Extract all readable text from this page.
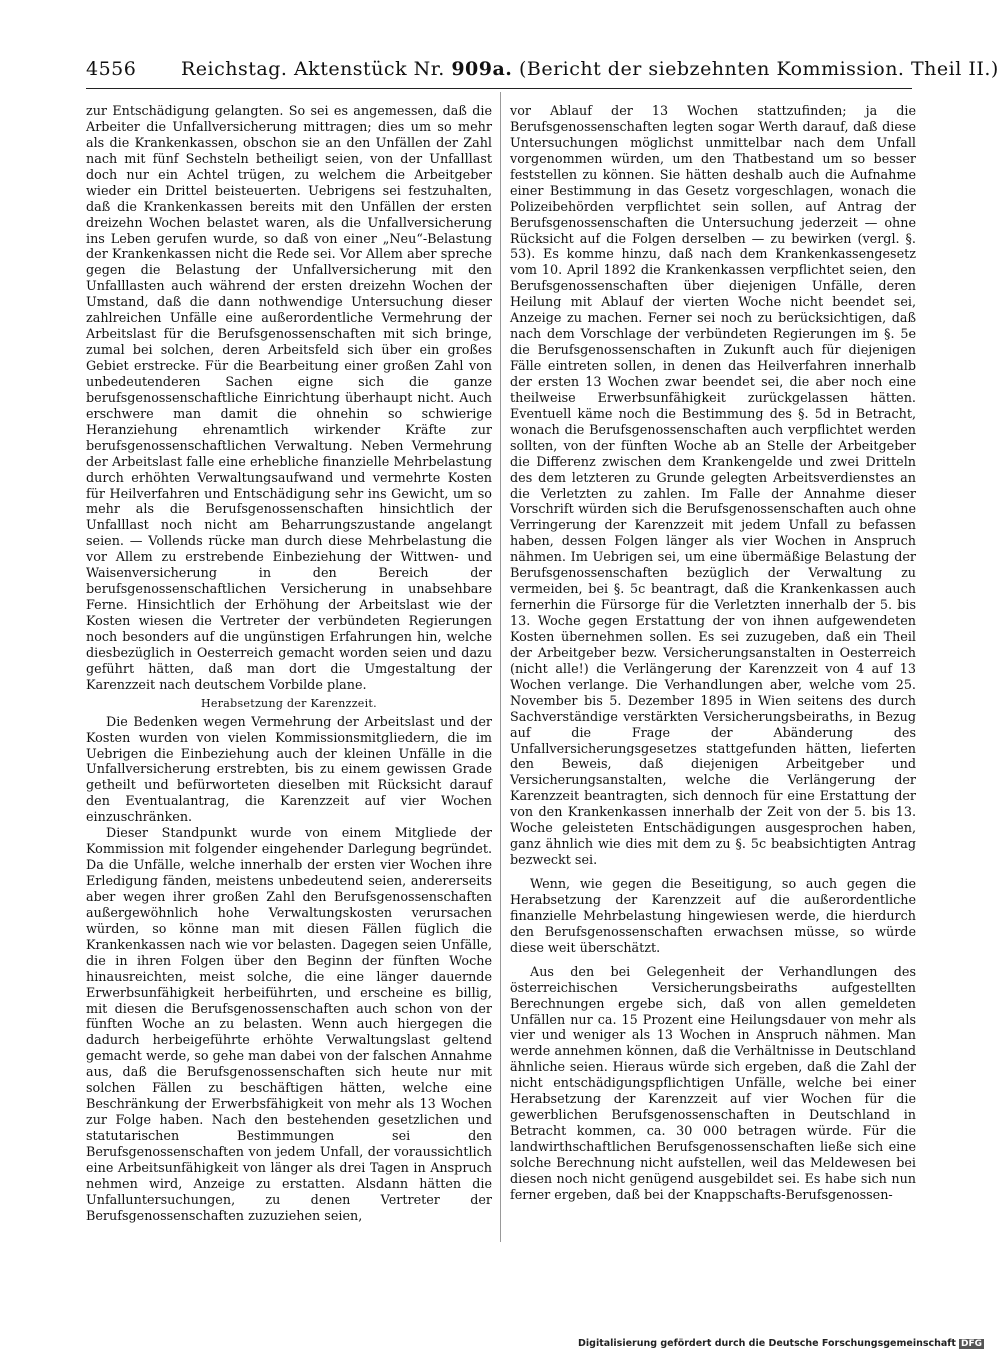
4556 Reichstag. Aktenstück Nr. 909a. (Bericht der siebzehnten Kommission. Theil II.)

zur Entschädigung gelangten. So sei es angemessen, daß die Arbeiter die Unfallversicherung mittragen; dies um so mehr als die Krankenkassen, obschon sie an den Unfällen der Zahl nach mit fünf Sechsteln betheiligt seien, von der Unfalllast doch nur ein Achtel trügen, zu welchem die Arbeitgeber wieder ein Drittel beisteuerten. Uebrigens sei festzuhalten, daß die Krankenkassen bereits mit den Unfällen der ersten dreizehn Wochen belastet waren, als die Unfallversicherung ins Leben gerufen wurde, so daß von einer „Neu“-Belastung der Krankenkassen nicht die Rede sei. Vor Allem aber spreche gegen die Belastung der Unfallversicherung mit den Unfalllasten auch während der ersten dreizehn Wochen der Umstand, daß die dann nothwendige Untersuchung dieser zahlreichen Unfälle eine außerordentliche Vermehrung der Arbeitslast für die Berufsgenossenschaften mit sich bringe, zumal bei solchen, deren Arbeitsfeld sich über ein großes Gebiet erstrecke. Für die Bearbeitung einer großen Zahl von unbedeutenderen Sachen eigne sich die ganze berufsgenossenschaftliche Einrichtung überhaupt nicht. Auch erschwere man damit die ohnehin so schwierige Heranziehung ehrenamtlich wirkender Kräfte zur berufsgenossenschaftlichen Verwaltung. Neben Vermehrung der Arbeitslast falle eine erhebliche finanzielle Mehrbelastung durch erhöhten Verwaltungsaufwand und vermehrte Kosten für Heilverfahren und Entschädigung sehr ins Gewicht, um so mehr als die Berufsgenossenschaften hinsichtlich der Unfalllast noch nicht am Beharrungszustande angelangt seien. — Vollends rücke man durch diese Mehrbelastung die vor Allem zu erstrebende Einbeziehung der Wittwen- und Waisenversicherung in den Bereich der berufsgenossenschaftlichen Versicherung in unabsehbare Ferne. Hinsichtlich der Erhöhung der Arbeitslast wie der Kosten wiesen die Vertreter der verbündeten Regierungen noch besonders auf die ungünstigen Erfahrungen hin, welche diesbezüglich in Oesterreich gemacht worden seien und dazu geführt hätten, daß man dort die Umgestaltung der Karenzzeit nach deutschem Vorbilde plane.

Herabsetzung der Karenzzeit.

Die Bedenken wegen Vermehrung der Arbeitslast und der Kosten wurden von vielen Kommissionsmitgliedern, die im Uebrigen die Einbeziehung auch der kleinen Unfälle in die Unfallversicherung erstrebten, bis zu einem gewissen Grade getheilt und befürworteten dieselben mit Rücksicht darauf den Eventualantrag, die Karenzzeit auf vier Wochen einzuschränken.

Dieser Standpunkt wurde von einem Mitgliede der Kommission mit folgender eingehender Darlegung begründet. Da die Unfälle, welche innerhalb der ersten vier Wochen ihre Erledigung fänden, meistens unbedeutend seien, andererseits aber wegen ihrer großen Zahl den Berufsgenossenschaften außergewöhnlich hohe Verwaltungskosten verursachen würden, so könne man mit diesen Fällen füglich die Krankenkassen nach wie vor belasten. Dagegen seien Unfälle, die in ihren Folgen über den Beginn der fünften Woche hinausreichten, meist solche, die eine länger dauernde Erwerbsunfähigkeit herbeiführten, und erscheine es billig, mit diesen die Berufsgenossenschaften auch schon von der fünften Woche an zu belasten. Wenn auch hiergegen die dadurch herbeigeführte erhöhte Verwaltungslast geltend gemacht werde, so gehe man dabei von der falschen Annahme aus, daß die Berufsgenossenschaften sich heute nur mit solchen Fällen zu beschäftigen hätten, welche eine Beschränkung der Erwerbsfähigkeit von mehr als 13 Wochen zur Folge haben. Nach den bestehenden gesetzlichen und statutarischen Bestimmungen sei den Berufsgenossenschaften von jedem Unfall, der voraussichtlich eine Arbeitsunfähigkeit von länger als drei Tagen in Anspruch nehmen wird, Anzeige zu erstatten. Alsdann hätten die Unfalluntersuchungen, zu denen Vertreter der Berufsgenossenschaften zuzuziehen seien,

vor Ablauf der 13 Wochen stattzufinden; ja die Berufsgenossenschaften legten sogar Werth darauf, daß diese Untersuchungen möglichst unmittelbar nach dem Unfall vorgenommen würden, um den Thatbestand um so besser feststellen zu können. Sie hätten deshalb auch die Aufnahme einer Bestimmung in das Gesetz vorgeschlagen, wonach die Polizeibehörden verpflichtet sein sollen, auf Antrag der Berufsgenossenschaften die Untersuchung jederzeit — ohne Rücksicht auf die Folgen derselben — zu bewirken (vergl. §. 53). Es komme hinzu, daß nach dem Krankenkassengesetz vom 10. April 1892 die Krankenkassen verpflichtet seien, den Berufsgenossenschaften über diejenigen Unfälle, deren Heilung mit Ablauf der vierten Woche nicht beendet sei, Anzeige zu machen. Ferner sei noch zu berücksichtigen, daß nach dem Vorschlage der verbündeten Regierungen im §. 5e die Berufsgenossenschaften in Zukunft auch für diejenigen Fälle eintreten sollen, in denen das Heilverfahren innerhalb der ersten 13 Wochen zwar beendet sei, die aber noch eine theilweise Erwerbsunfähigkeit zurückgelassen hätten. Eventuell käme noch die Bestimmung des §. 5d in Betracht, wonach die Berufsgenossenschaften auch verpflichtet werden sollten, von der fünften Woche ab an Stelle der Arbeitgeber die Differenz zwischen dem Krankengelde und zwei Dritteln des dem letzteren zu Grunde gelegten Arbeitsverdienstes an die Verletzten zu zahlen. Im Falle der Annahme dieser Vorschrift würden sich die Berufsgenossenschaften auch ohne Verringerung der Karenzzeit mit jedem Unfall zu befassen haben, dessen Folgen länger als vier Wochen in Anspruch nähmen. Im Uebrigen sei, um eine übermäßige Belastung der Berufsgenossenschaften bezüglich der Verwaltung zu vermeiden, bei §. 5c beantragt, daß die Krankenkassen auch fernerhin die Fürsorge für die Verletzten innerhalb der 5. bis 13. Woche gegen Erstattung der von ihnen aufgewendeten Kosten übernehmen sollen. Es sei zuzugeben, daß ein Theil der Arbeitgeber bezw. Versicherungsanstalten in Oesterreich (nicht alle!) die Verlängerung der Karenzzeit von 4 auf 13 Wochen verlange. Die Verhandlungen aber, welche vom 25. November bis 5. Dezember 1895 in Wien seitens des durch Sachverständige verstärkten Versicherungsbeiraths, in Bezug auf die Frage der Abänderung des Unfallversicherungsgesetzes stattgefunden hätten, lieferten den Beweis, daß diejenigen Arbeitgeber und Versicherungsanstalten, welche die Verlängerung der Karenzzeit beantragten, sich dennoch für eine Erstattung der von den Krankenkassen innerhalb der Zeit von der 5. bis 13. Woche geleisteten Entschädigungen ausgesprochen haben, ganz ähnlich wie dies mit dem zu §. 5c beabsichtigten Antrag bezweckt sei.

Wenn, wie gegen die Beseitigung, so auch gegen die Herabsetzung der Karenzzeit auf die außerordentliche finanzielle Mehrbelastung hingewiesen werde, die hierdurch den Berufsgenossenschaften erwachsen müsse, so würde diese weit überschätzt.

Aus den bei Gelegenheit der Verhandlungen des österreichischen Versicherungsbeiraths aufgestellten Berechnungen ergebe sich, daß von allen gemeldeten Unfällen nur ca. 15 Prozent eine Heilungsdauer von mehr als vier und weniger als 13 Wochen in Anspruch nähmen. Man werde annehmen können, daß die Verhältnisse in Deutschland ähnliche seien. Hieraus würde sich ergeben, daß die Zahl der nicht entschädigungspflichtigen Unfälle, welche bei einer Herabsetzung der Karenzzeit auf vier Wochen für die gewerblichen Berufsgenossenschaften in Deutschland in Betracht kommen, ca. 30 000 betragen würde. Für die landwirthschaftlichen Berufsgenossenschaften ließe sich eine solche Berechnung nicht aufstellen, weil das Meldewesen bei diesen noch nicht genügend ausgebildet sei. Es habe sich nun ferner ergeben, daß bei der Knappschafts-Berufsgenossen-

Digitalisierung gefördert durch die Deutsche Forschungsgemeinschaft DFG
